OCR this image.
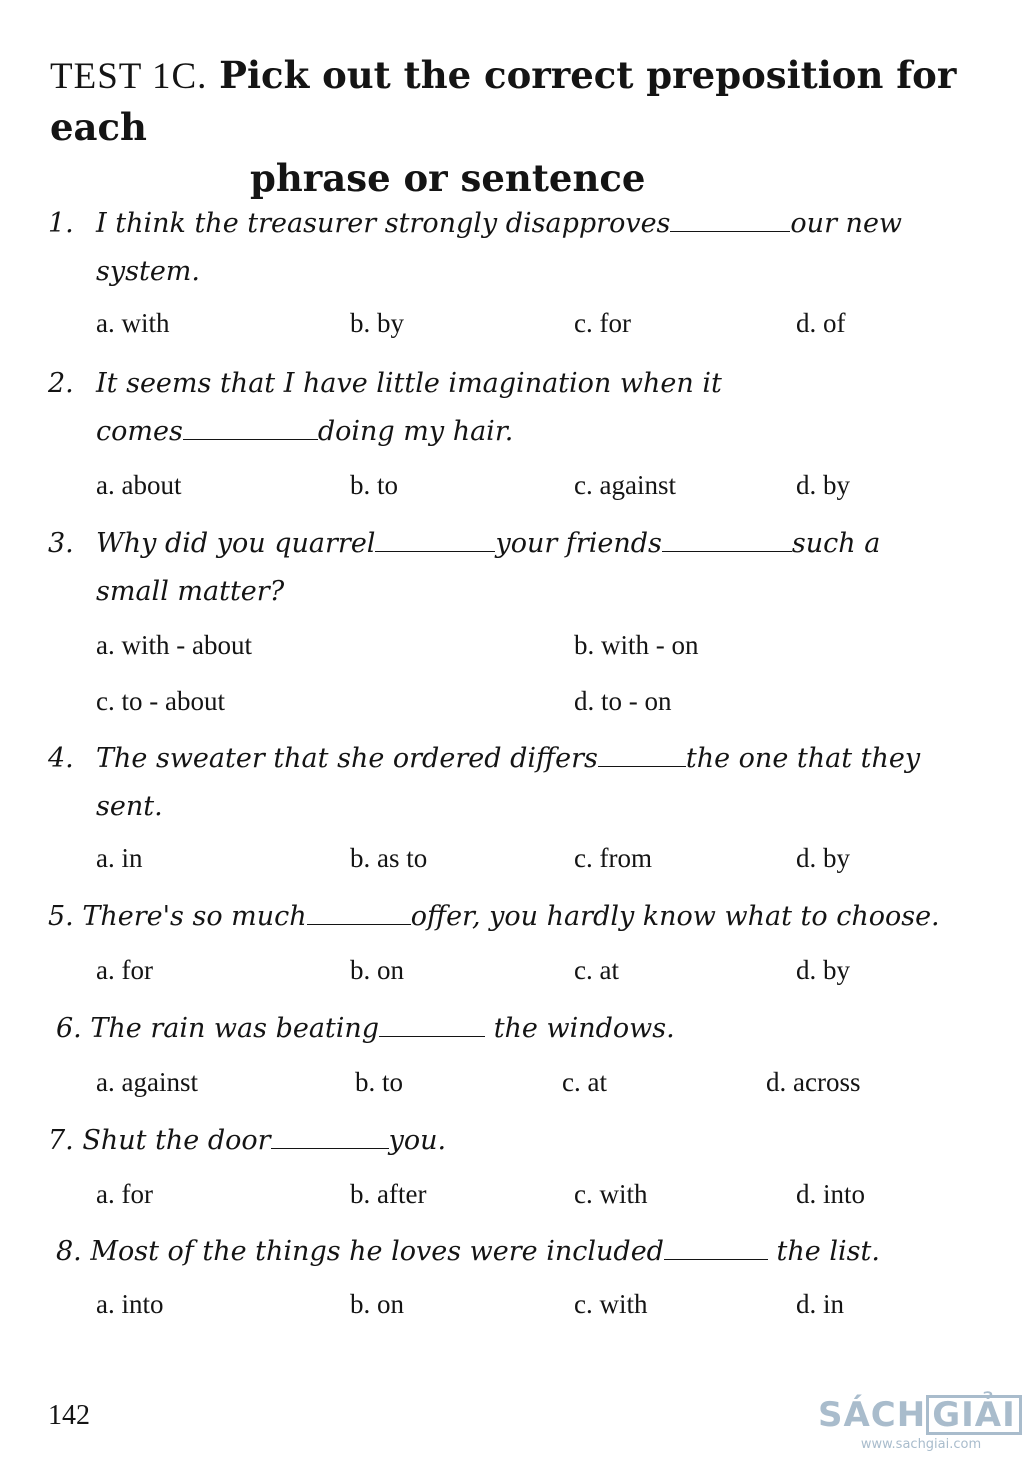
TEST 1C. Pick out the correct preposition for each
phrase or sentence
1. I think the treasurer strongly disapproves	our new
system.
a. with	b. by	c. for	d. of
2. It seems that I have little imagination when it
comes	doing my hair.
a. about	b. to	c. against	d. by
3. Why did you quarrel	your friends	such a
small matter?
a. with - about	b. with - on
c. to - about	d. to - on
4. The sweater that she ordered differs	the one that they
sent.
a. in	b. as to	c. from	d. by
5. There's so much	offer, you hardly know what to choose.
a. for	b. on	c. at	d. by
6. The rain was beating	the windows.
a. against	b. to	c. at	d. across
7. Shut the door	you.
a. for	b. after	c. with	d. into
8. Most of the things he loves were included	the list.
a. into	b. on	c. with	d. in
142	SÁCH GIẢI
www.sachgiai.com
